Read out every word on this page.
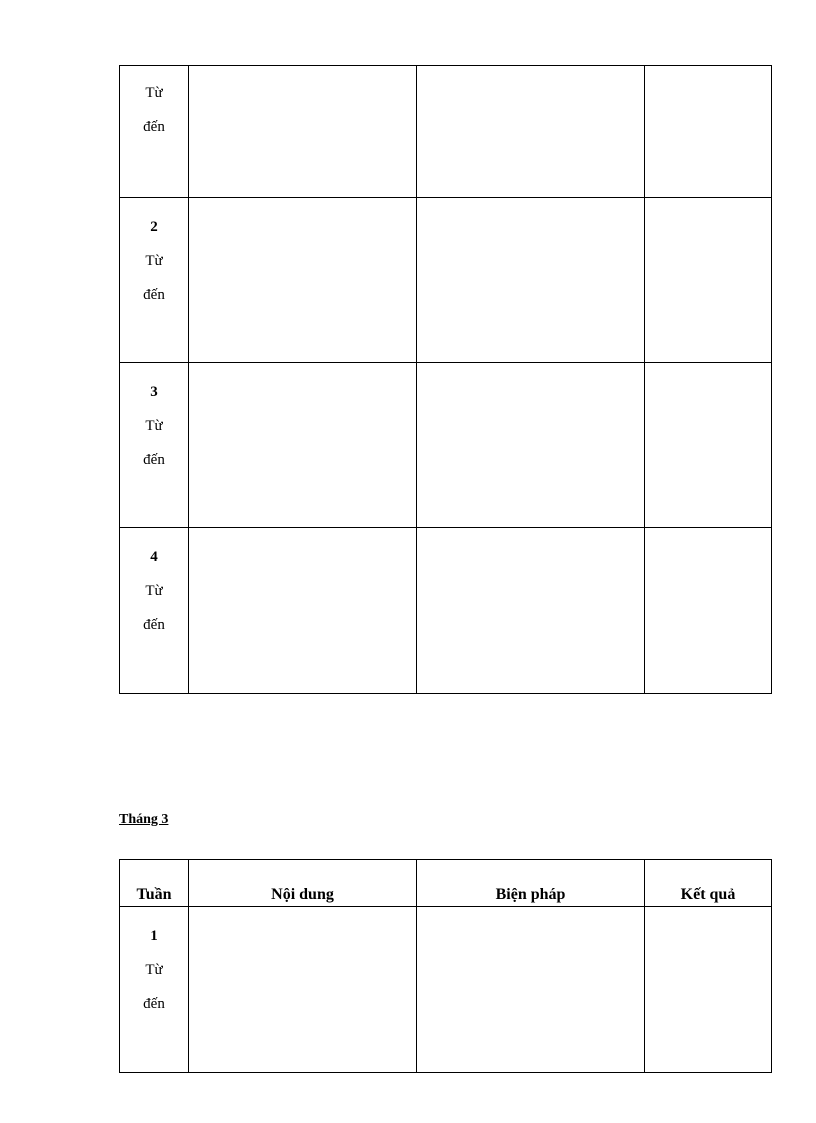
Từ
đến			

2
Từ
đến			

3
Từ
đến			

4
Từ
đến			

Tháng 3
Tuần	Nội dung	Biện pháp	Kết quả

1
Từ
đến			
